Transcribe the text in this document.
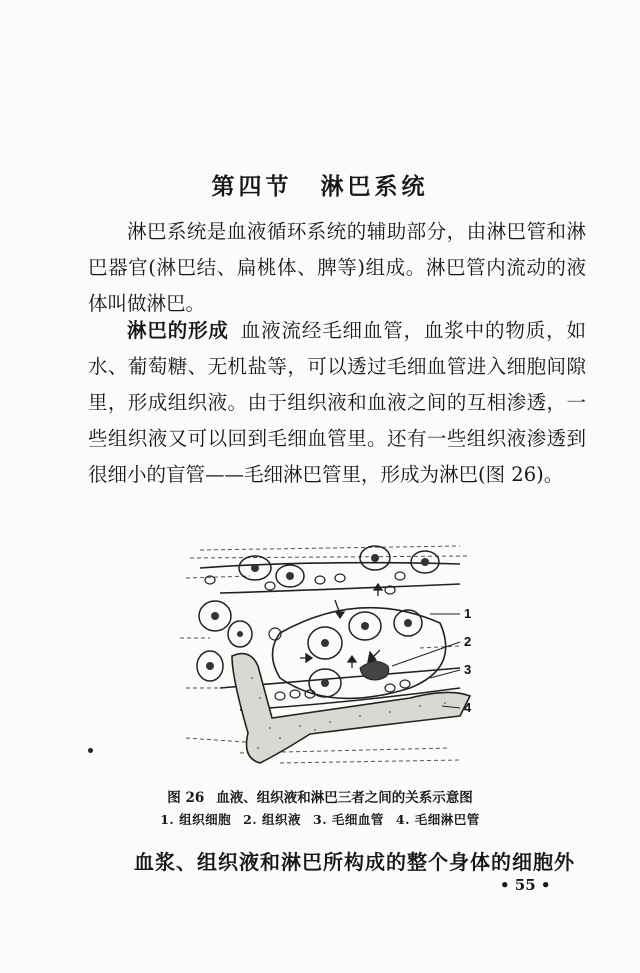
第四节 淋巴系统

淋巴系统是血液循环系统的辅助部分，由淋巴管和淋巴器官(淋巴结、扁桃体、脾等)组成。淋巴管内流动的液体叫做淋巴。

淋巴的形成 血液流经毛细血管，血浆中的物质，如水、葡萄糖、无机盐等，可以透过毛细血管进入细胞间隙里，形成组织液。由于组织液和血液之间的互相渗透，一些组织液又可以回到毛细血管里。还有一些组织液渗透到很细小的盲管——毛细淋巴管里，形成为淋巴(图 26)。

1
2
3
4
图 26 血液、组织液和淋巴三者之间的关系示意图
1. 组织细胞 2. 组织液 3. 毛细血管 4. 毛细淋巴管
血浆、组织液和淋巴所构成的整个身体的细胞外
• 55 •
